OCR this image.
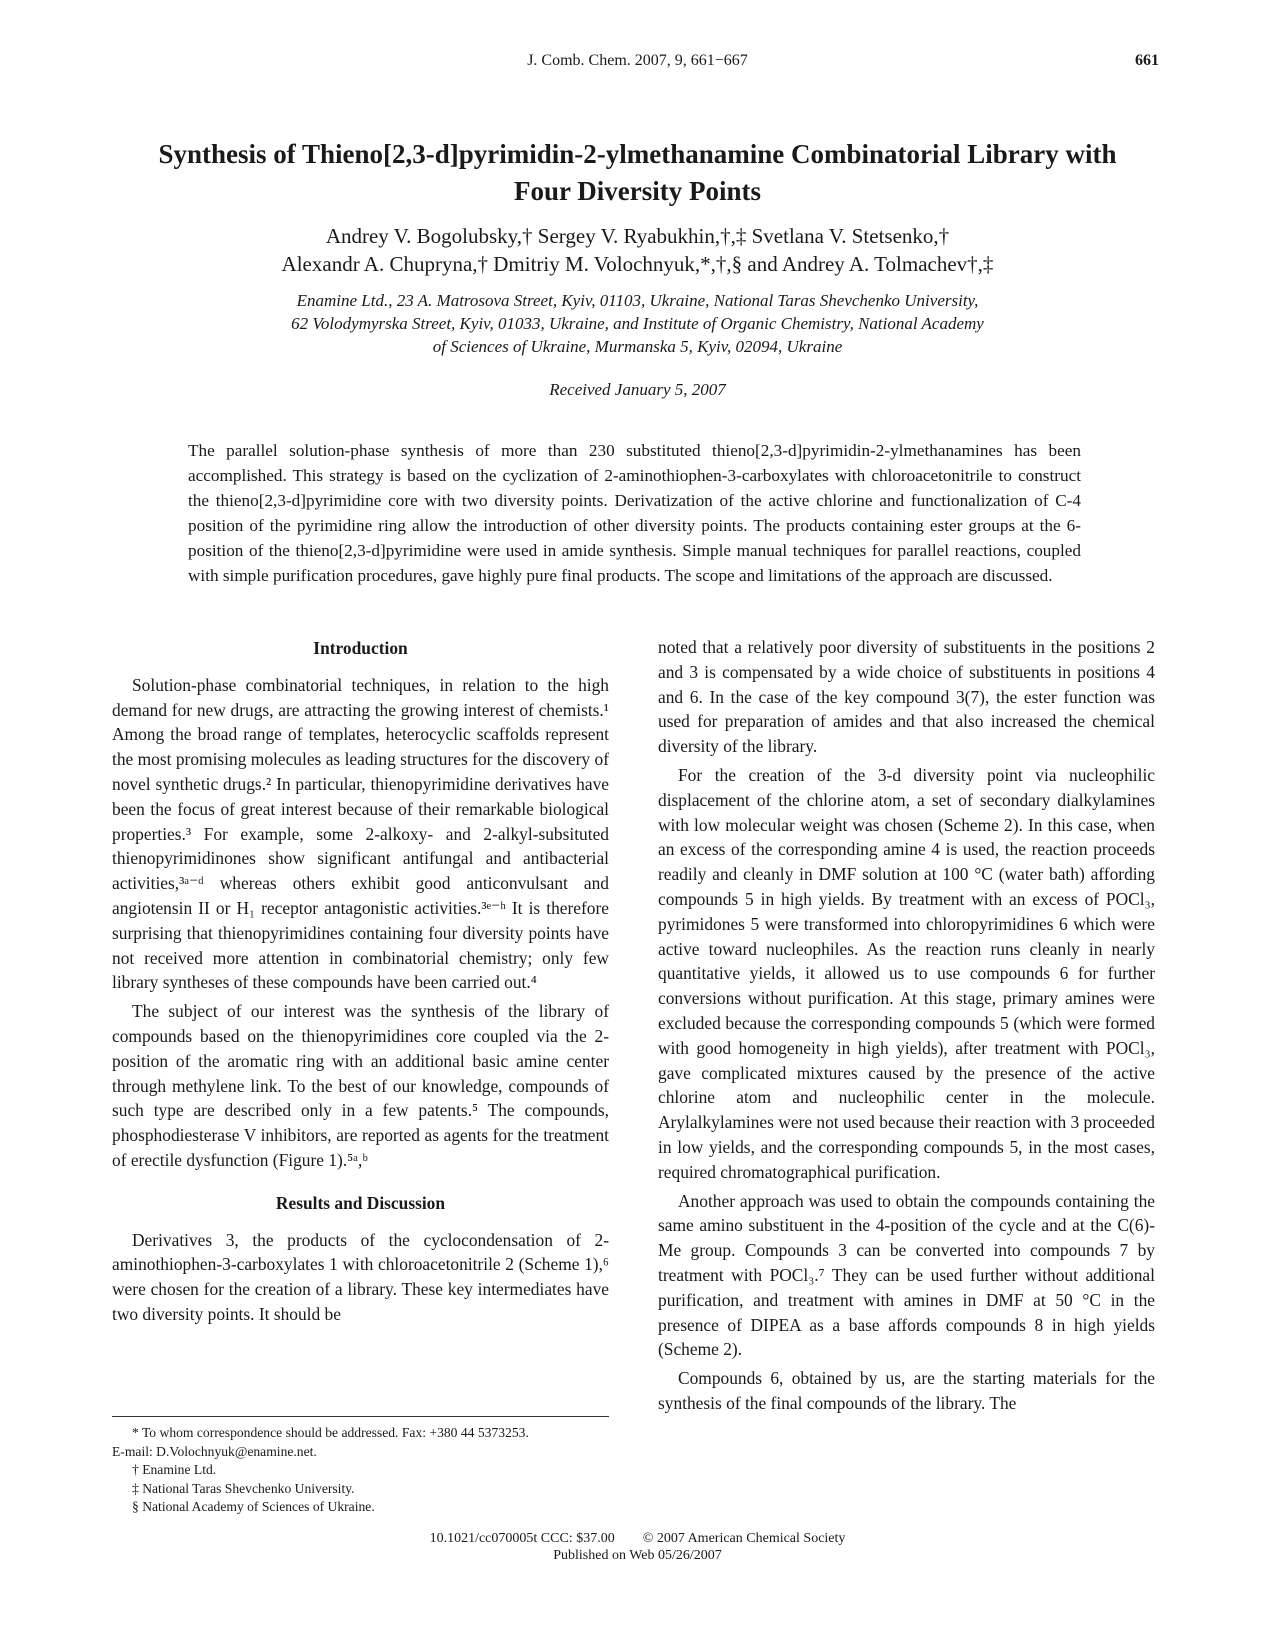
J. Comb. Chem. 2007, 9, 661−667	661
Synthesis of Thieno[2,3-d]pyrimidin-2-ylmethanamine Combinatorial Library with Four Diversity Points
Andrey V. Bogolubsky,† Sergey V. Ryabukhin,†,‡ Svetlana V. Stetsenko,†
Alexandr A. Chupryna,† Dmitriy M. Volochnyuk,*,†,§ and Andrey A. Tolmachev†,‡
Enamine Ltd., 23 A. Matrosova Street, Kyiv, 01103, Ukraine, National Taras Shevchenko University,
62 Volodymyrska Street, Kyiv, 01033, Ukraine, and Institute of Organic Chemistry, National Academy
of Sciences of Ukraine, Murmanska 5, Kyiv, 02094, Ukraine
Received January 5, 2007

The parallel solution-phase synthesis of more than 230 substituted thieno[2,3-d]pyrimidin-2-ylmethanamines has been accomplished. This strategy is based on the cyclization of 2-aminothiophen-3-carboxylates with chloroacetonitrile to construct the thieno[2,3-d]pyrimidine core with two diversity points. Derivatization of the active chlorine and functionalization of C-4 position of the pyrimidine ring allow the introduction of other diversity points. The products containing ester groups at the 6-position of the thieno[2,3-d]pyrimidine were used in amide synthesis. Simple manual techniques for parallel reactions, coupled with simple purification procedures, gave highly pure final products. The scope and limitations of the approach are discussed.

Introduction

Solution-phase combinatorial techniques, in relation to the high demand for new drugs, are attracting the growing interest of chemists.¹ Among the broad range of templates, heterocyclic scaffolds represent the most promising molecules as leading structures for the discovery of novel synthetic drugs.² In particular, thienopyrimidine derivatives have been the focus of great interest because of their remarkable biological properties.³ For example, some 2-alkoxy- and 2-alkyl-subsituted thienopyrimidinones show significant antifungal and antibacterial activities,³ᵃ⁻ᵈ whereas others exhibit good anticonvulsant and angiotensin II or H₁ receptor antagonistic activities.³ᵉ⁻ʰ It is therefore surprising that thienopyrimidines containing four diversity points have not received more attention in combinatorial chemistry; only few library syntheses of these compounds have been carried out.⁴

The subject of our interest was the synthesis of the library of compounds based on the thienopyrimidines core coupled via the 2-position of the aromatic ring with an additional basic amine center through methylene link. To the best of our knowledge, compounds of such type are described only in a few patents.⁵ The compounds, phosphodiesterase V inhibitors, are reported as agents for the treatment of erectile dysfunction (Figure 1).⁵ᵃ,ᵇ

Results and Discussion

Derivatives 3, the products of the cyclocondensation of 2-aminothiophen-3-carboxylates 1 with chloroacetonitrile 2 (Scheme 1),⁶ were chosen for the creation of a library. These key intermediates have two diversity points. It should be

* To whom correspondence should be addressed. Fax: +380 44 5373253.
E-mail: D.Volochnyuk@enamine.net.
† Enamine Ltd.
‡ National Taras Shevchenko University.
§ National Academy of Sciences of Ukraine.

noted that a relatively poor diversity of substituents in the positions 2 and 3 is compensated by a wide choice of substituents in positions 4 and 6. In the case of the key compound 3(7), the ester function was used for preparation of amides and that also increased the chemical diversity of the library.

For the creation of the 3-d diversity point via nucleophilic displacement of the chlorine atom, a set of secondary dialkylamines with low molecular weight was chosen (Scheme 2). In this case, when an excess of the corresponding amine 4 is used, the reaction proceeds readily and cleanly in DMF solution at 100 °C (water bath) affording compounds 5 in high yields. By treatment with an excess of POCl₃, pyrimidones 5 were transformed into chloropyrimidines 6 which were active toward nucleophiles. As the reaction runs cleanly in nearly quantitative yields, it allowed us to use compounds 6 for further conversions without purification. At this stage, primary amines were excluded because the corresponding compounds 5 (which were formed with good homogeneity in high yields), after treatment with POCl₃, gave complicated mixtures caused by the presence of the active chlorine atom and nucleophilic center in the molecule. Arylalkylamines were not used because their reaction with 3 proceeded in low yields, and the corresponding compounds 5, in the most cases, required chromatographical purification.

Another approach was used to obtain the compounds containing the same amino substituent in the 4-position of the cycle and at the C(6)-Me group. Compounds 3 can be converted into compounds 7 by treatment with POCl₃.⁷ They can be used further without additional purification, and treatment with amines in DMF at 50 °C in the presence of DIPEA as a base affords compounds 8 in high yields (Scheme 2).

Compounds 6, obtained by us, are the starting materials for the synthesis of the final compounds of the library. The

10.1021/cc070005t CCC: $37.00 © 2007 American Chemical Society
Published on Web 05/26/2007
